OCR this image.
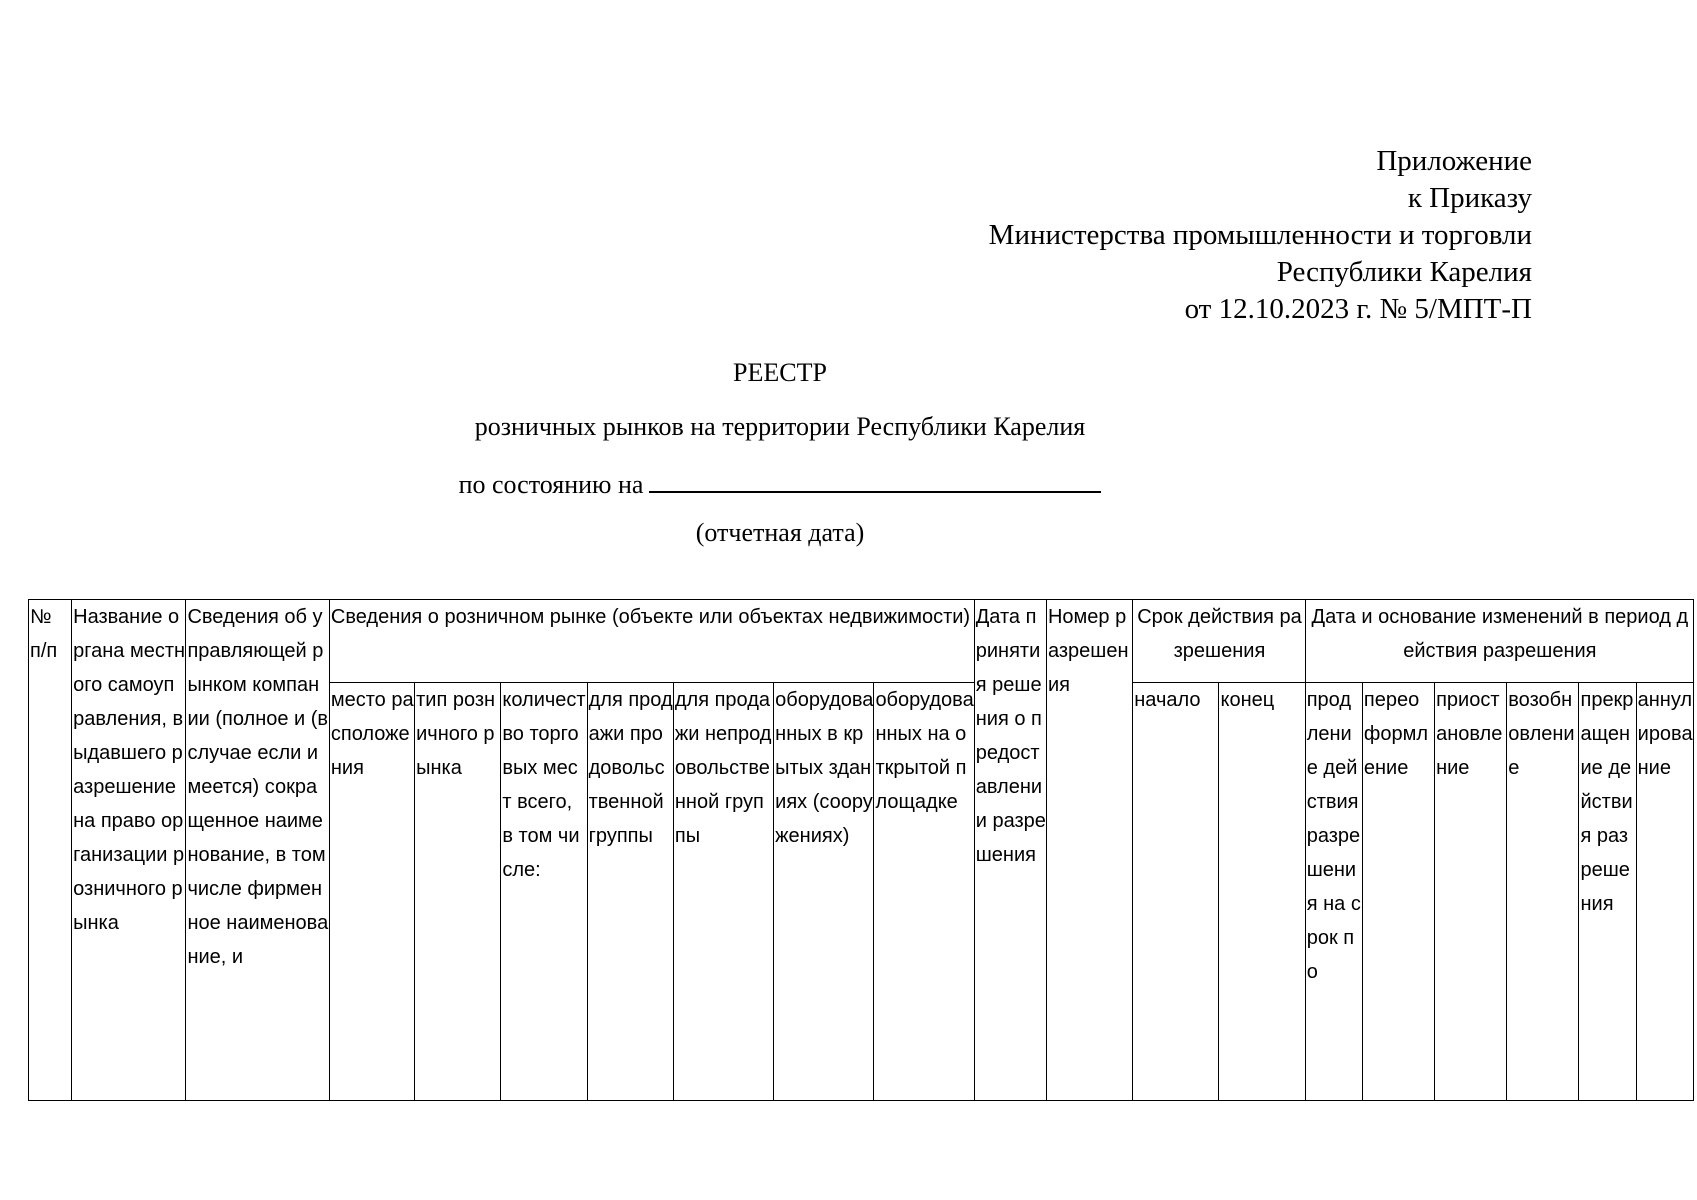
Приложение
к Приказу
Министерства промышленности и торговли
Республики Карелия
от 12.10.2023 г. № 5/МПТ-П
РЕЕСТР
розничных рынков на территории Республики Карелия
по состоянию на
(отчетная дата)
№ п/п	Название органа местного самоуправления, выдавшего разрешение на право организации розничного рынка	Сведения об управляющей рынком компании (полное и (в случае если имеется) сокращенное наименование, в том числе фирменное наименование, и	Сведения о розничном рынке (объекте или объектах недвижимости)							Дата принятия решения о предоставлении разрешения	Номер разрешения	Срок действия разрешения		Дата и основание изменений в период действия разрешения					
			место расположения	тип розничного рынка	количество торговых мест всего, в том числе:	для продажи продовольственной группы	для продажи непродовольственной группы	оборудованных в крытых зданиях (сооружениях)	оборудованных на открытой площадке			начало	конец	продление действия разрешения на срок по	переоформление	приостановление	возобновление	прекращение действия разрешения	аннулирование
